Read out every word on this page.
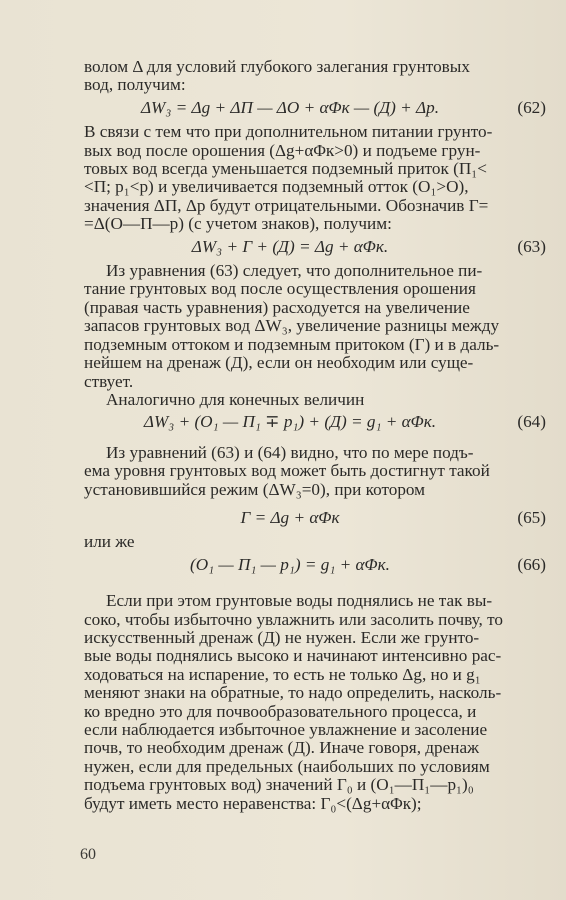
волом Δ для условий глубокого залегания грунтовых

вод, получим:

ΔW₃ = Δg + ΔП — ΔО + αΦк — (Д) + Δp.	(62)

В связи с тем что при дополнительном питании грунто-

вых вод после орошения (Δg+αΦк>0) и подъеме грун-

товых вод всегда уменьшается подземный приток (П₁<

<П; p₁<p) и увеличивается подземный отток (О₁>О),

значения ΔП, Δp будут отрицательными. Обозначив Г=

=Δ(О—П—p) (с учетом знаков), получим:

ΔW₃ + Г + (Д) = Δg + αΦк.	(63)

Из уравнения (63) следует, что дополнительное пи-

тание грунтовых вод после осуществления орошения

(правая часть уравнения) расходуется на увеличение

запасов грунтовых вод ΔW₃, увеличение разницы между

подземным оттоком и подземным притоком (Г) и в даль-

нейшем на дренаж (Д), если он необходим или суще-

ствует.

Аналогично для конечных величин

ΔW₃ + (О₁ — П₁ ∓ p₁) + (Д) = g₁ + αΦк.	(64)

Из уравнений (63) и (64) видно, что по мере подъ-

ема уровня грунтовых вод может быть достигнут такой

установившийся режим (ΔW₃=0), при котором

Г = Δg + αΦк	(65)

или же

(О₁ — П₁ — p₁) = g₁ + αΦк.	(66)

Если при этом грунтовые воды поднялись не так вы-

соко, чтобы избыточно увлажнить или засолить почву, то

искусственный дренаж (Д) не нужен. Если же грунто-

вые воды поднялись высоко и начинают интенсивно рас-

ходоваться на испарение, то есть не только Δg, но и g₁

меняют знаки на обратные, то надо определить, насколь-

ко вредно это для почвообразовательного процесса, и

если наблюдается избыточное увлажнение и засоление

почв, то необходим дренаж (Д). Иначе говоря, дренаж

нужен, если для предельных (наибольших по условиям

подъема грунтовых вод) значений Г₀ и (О₁—П₁—p₁)₀

будут иметь место неравенства: Г₀<(Δg+αΦк);

60
